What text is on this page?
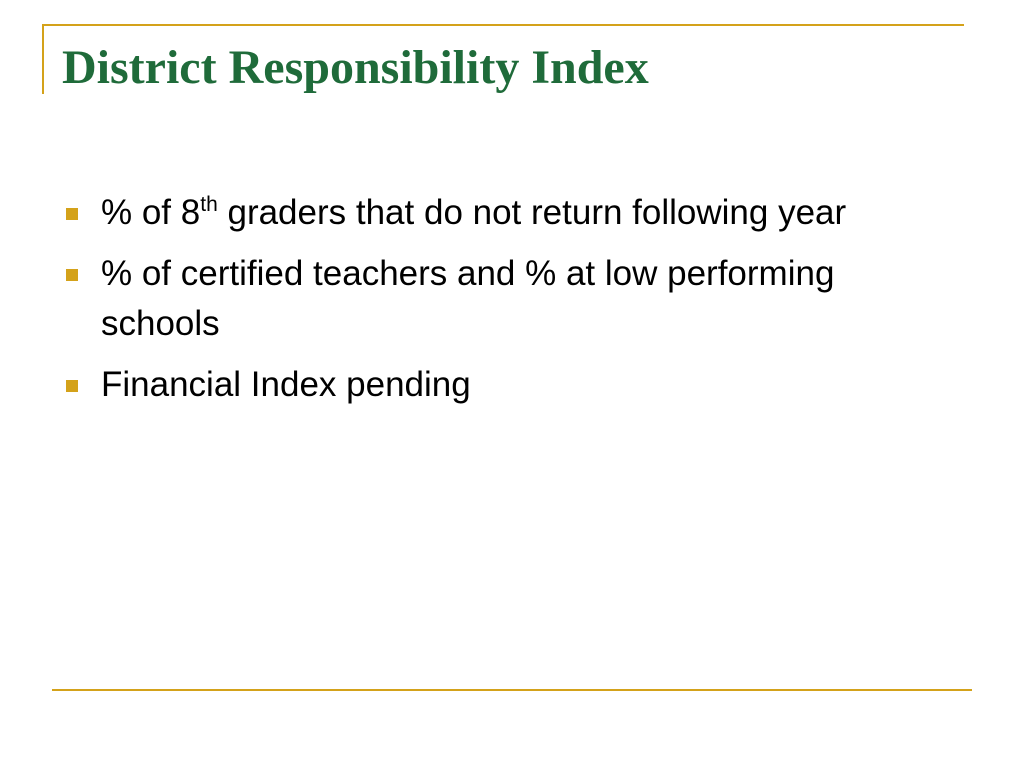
District Responsibility Index
% of 8th graders that do not return following year
% of certified teachers and % at low performing schools
Financial Index pending
